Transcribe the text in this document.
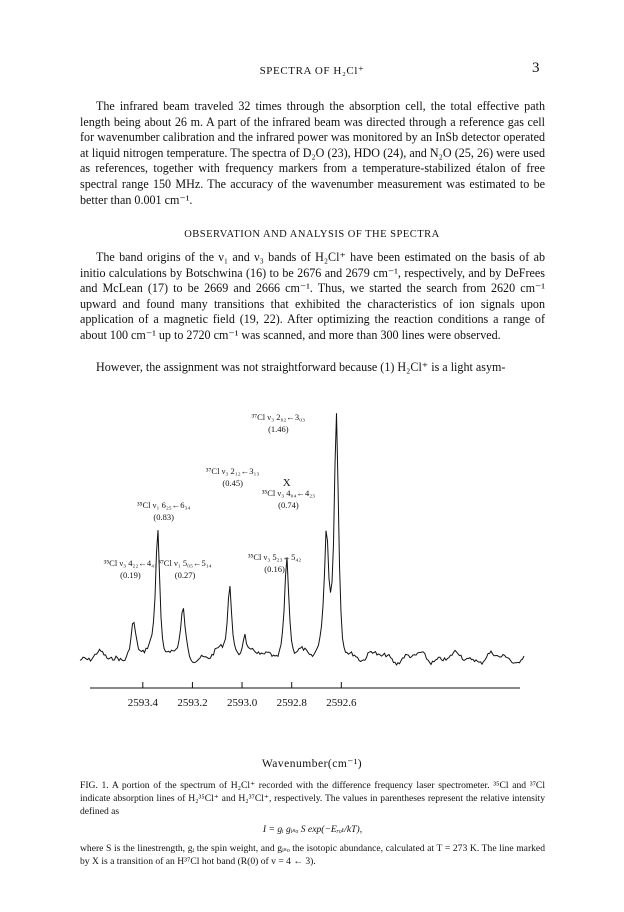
SPECTRA OF H₂Cl⁺	3

The infrared beam traveled 32 times through the absorption cell, the total effective path length being about 26 m. A part of the infrared beam was directed through a reference gas cell for wavenumber calibration and the infrared power was monitored by an InSb detector operated at liquid nitrogen temperature. The spectra of D₂O (23), HDO (24), and N₂O (25, 26) were used as references, together with frequency markers from a temperature-stabilized étalon of free spectral range 150 MHz. The accuracy of the wavenumber measurement was estimated to be better than 0.001 cm⁻¹.

OBSERVATION AND ANALYSIS OF THE SPECTRA

The band origins of the ν₁ and ν₃ bands of H₂Cl⁺ have been estimated on the basis of ab initio calculations by Botschwina (16) to be 2676 and 2679 cm⁻¹, respectively, and by DeFrees and McLean (17) to be 2669 and 2666 cm⁻¹. Thus, we started the search from 2620 cm⁻¹ upward and found many transitions that exhibited the characteristics of ion signals upon application of a magnetic field (19, 22). After optimizing the reaction conditions a range of about 100 cm⁻¹ up to 2720 cm⁻¹ was scanned, and more than 300 lines were observed.

However, the assignment was not straightforward because (1) H₂Cl⁺ is a light asym-

2593.4 2593.2 2593.0 2592.8 2592.6
³⁵Cl ν₃ 4₂₂←4₄₁
(0.19)
³⁵Cl ν₁ 6₂₅←6₃₄
(0.83)
³⁷Cl ν₁ 5₀₅←5₁₄
(0.27)
³⁷Cl ν₃ 2₁₂←3₁₃
(0.45)
³⁵Cl ν₃ 5₂₃←5₄₂
(0.16)
X
³⁵Cl ν₃ 4₀₄←4₂₃
(0.74)
³⁷Cl ν₃ 2₀₂←3₀₃
(1.46)
Wavenumber(cm⁻¹)

FIG. 1. A portion of the spectrum of H₂Cl⁺ recorded with the difference frequency laser spectrometer. ³⁵Cl and ³⁷Cl indicate absorption lines of H₂³⁵Cl⁺ and H₂³⁷Cl⁺, respectively. The values in parentheses represent the relative intensity defined as

I = gᵢ gᵢₛₒ S exp(−Eᵣₒₜ/kT),

where S is the linestrength, gᵢ the spin weight, and gᵢₛₒ the isotopic abundance, calculated at T = 273 K. The line marked by X is a transition of an H³⁷Cl hot band (R(0) of v = 4 ← 3).
